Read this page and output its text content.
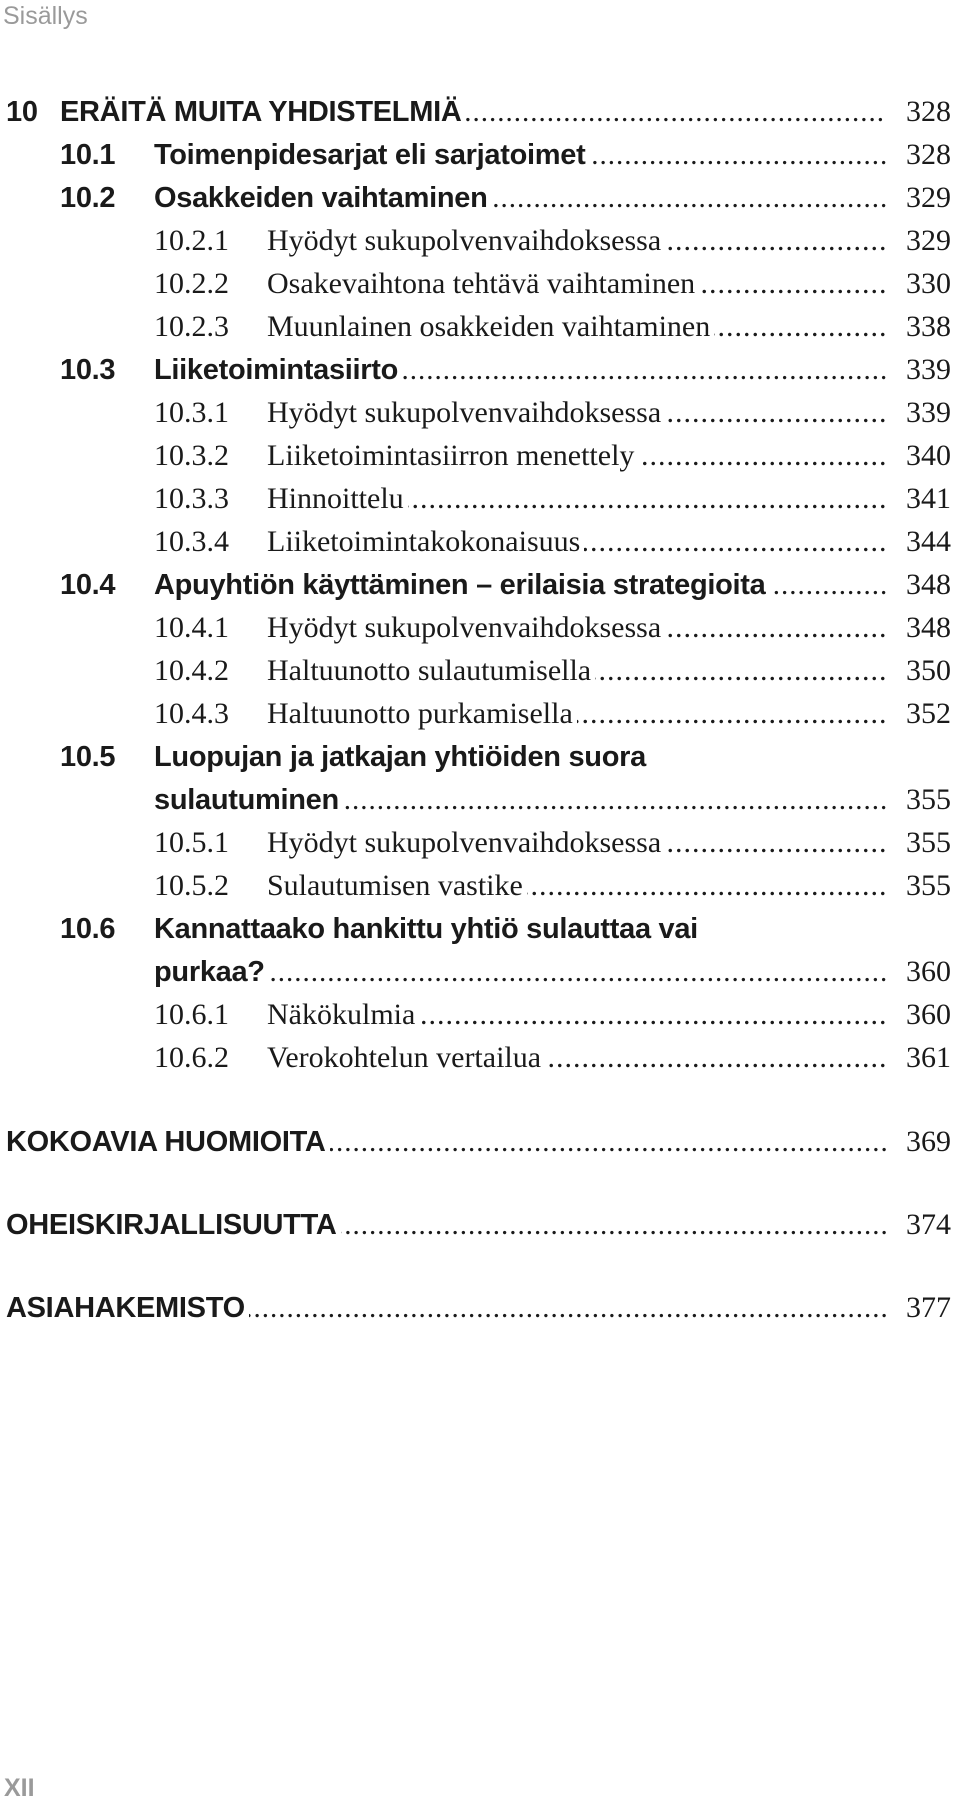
Sisällys
10 ERÄITÄ MUITA YHDISTELMIÄ .....	328
10.1 Toimenpidesarjat eli sarjatoimet .....	328
10.2 Osakkeiden vaihtaminen .....	329
10.2.1 Hyödyt sukupolvenvaihdoksessa .....	329
10.2.2 Osakevaihtona tehtävä vaihtaminen .....	330
10.2.3 Muunlainen osakkeiden vaihtaminen .....	338
10.3 Liiketoimintasiirto .....	339
10.3.1 Hyödyt sukupolvenvaihdoksessa .....	339
10.3.2 Liiketoimintasiirron menettely .....	340
10.3.3 Hinnoittelu .....	341
10.3.4 Liiketoimintakokonaisuus .....	344
10.4 Apuyhtiön käyttäminen – erilaisia strategioita .....	348
10.4.1 Hyödyt sukupolvenvaihdoksessa .....	348
10.4.2 Haltuunotto sulautumisella .....	350
10.4.3 Haltuunotto purkamisella .....	352
10.5 Luopujan ja jatkajan yhtiöiden suora
sulautuminen .....	355
10.5.1 Hyödyt sukupolvenvaihdoksessa .....	355
10.5.2 Sulautumisen vastike .....	355
10.6 Kannattaako hankittu yhtiö sulauttaa vai
purkaa? .....	360
10.6.1 Näkökulmia .....	360
10.6.2 Verokohtelun vertailua .....	361
KOKOAVIA HUOMIOITA .....	369
OHEISKIRJALLISUUTTA .....	374
ASIAHAKEMISTO .....	377
XII
